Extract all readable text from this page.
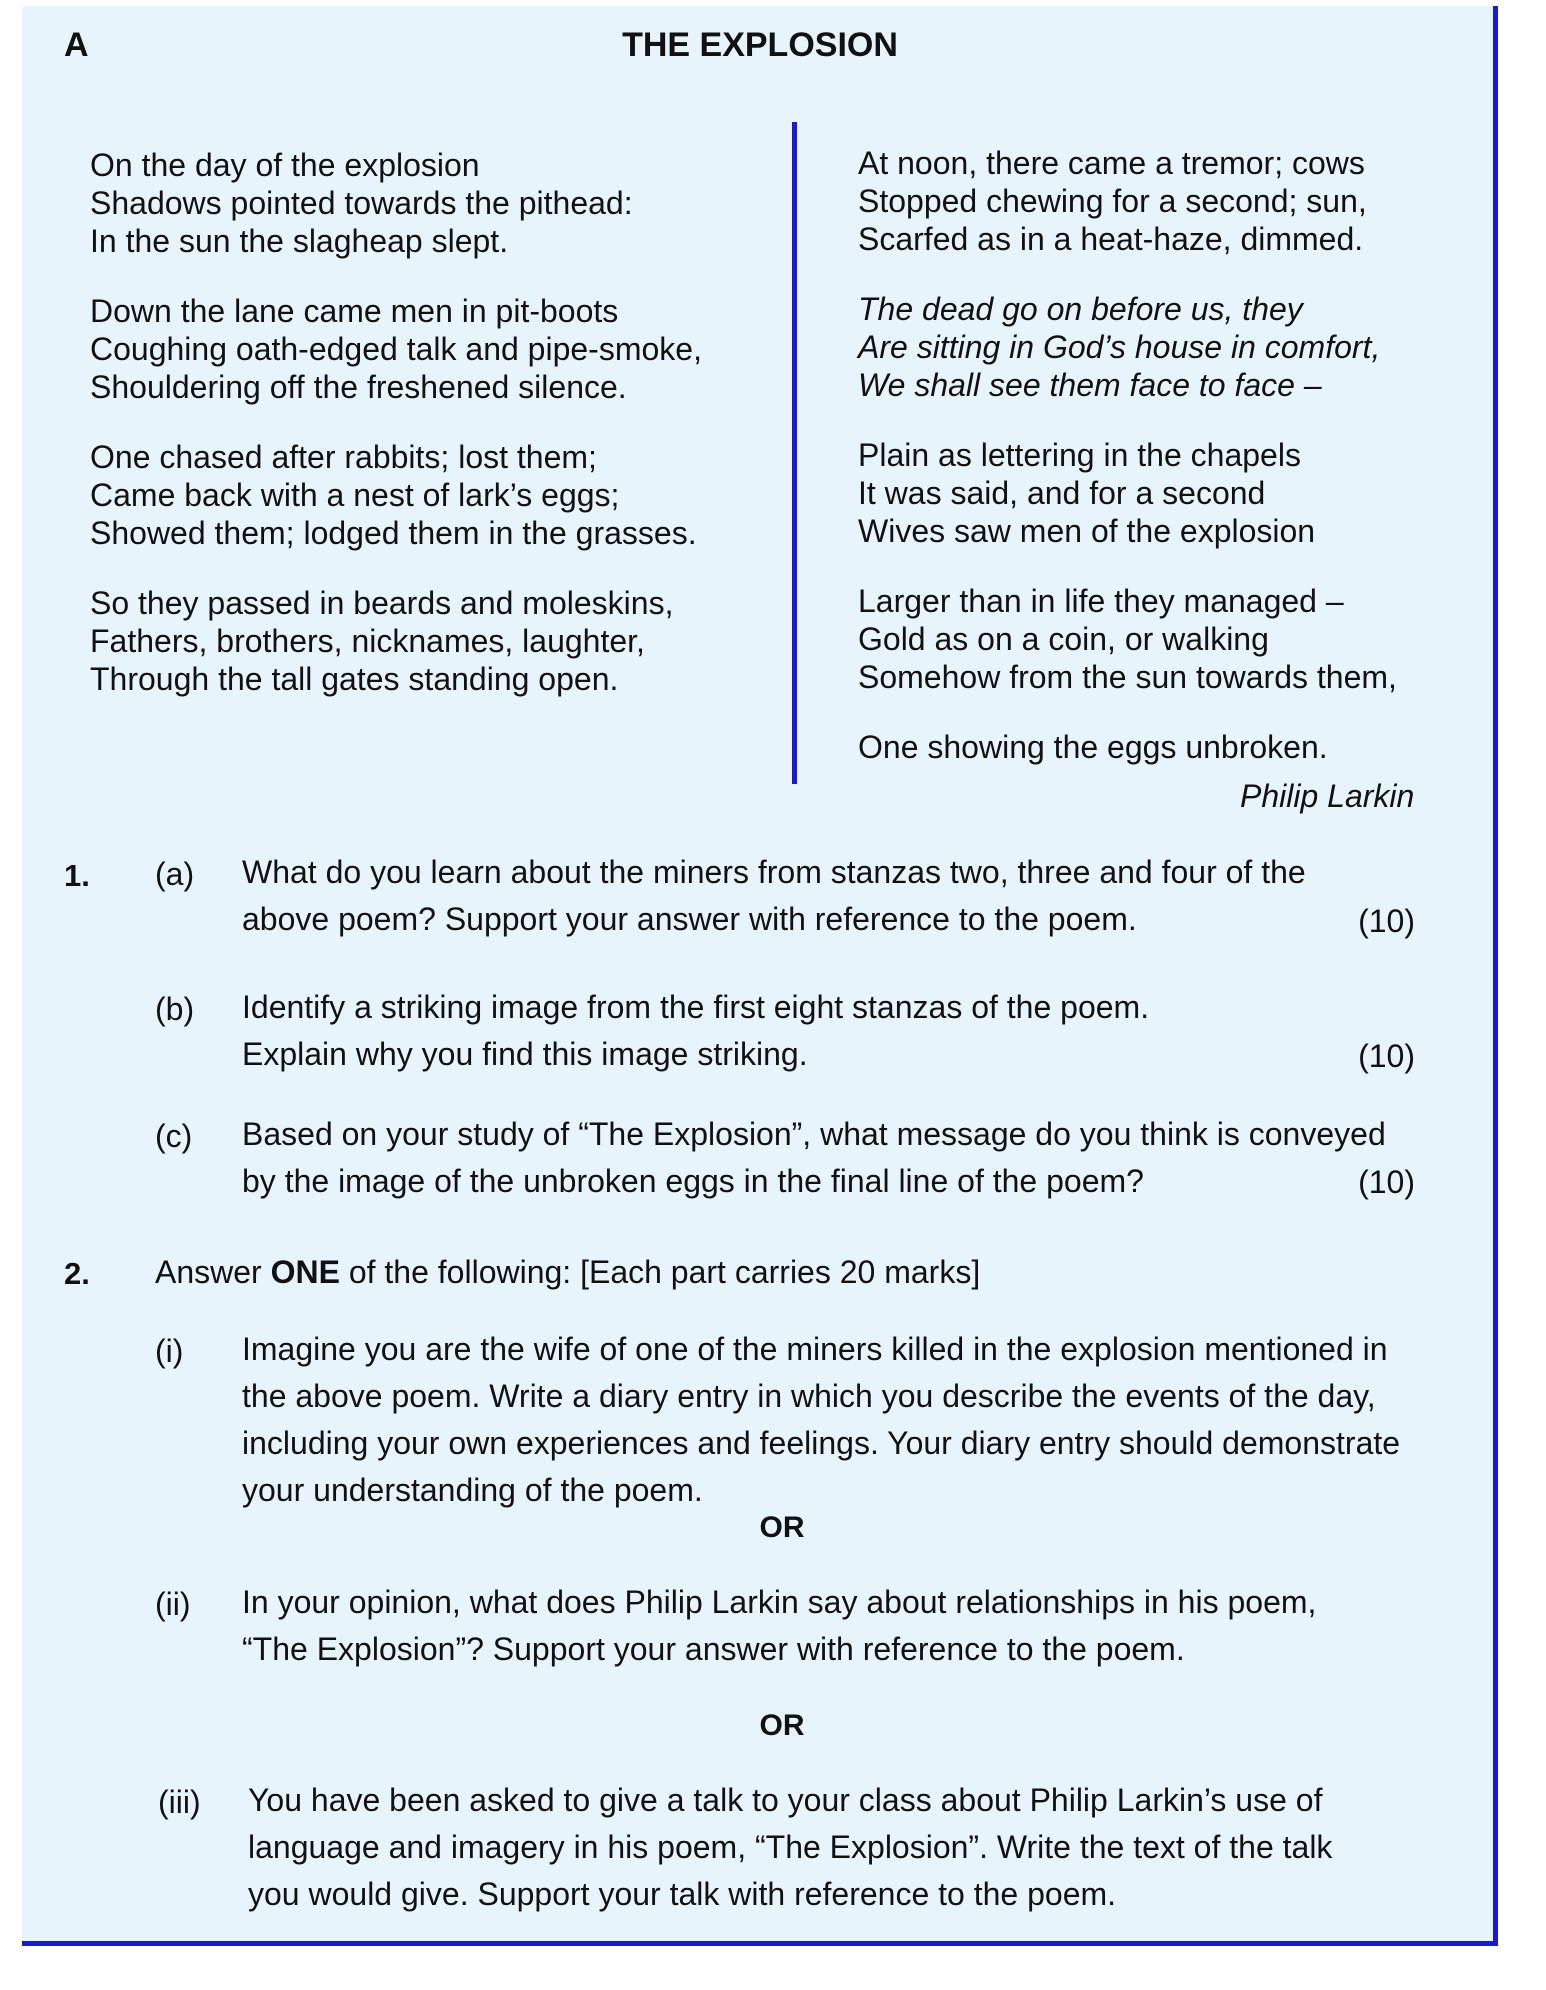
A	THE EXPLOSION
On the day of the explosion
Shadows pointed towards the pithead:
In the sun the slagheap slept.
Down the lane came men in pit-boots
Coughing oath-edged talk and pipe-smoke,
Shouldering off the freshened silence.
One chased after rabbits; lost them;
Came back with a nest of lark’s eggs;
Showed them; lodged them in the grasses.
So they passed in beards and moleskins,
Fathers, brothers, nicknames, laughter,
Through the tall gates standing open.
At noon, there came a tremor; cows
Stopped chewing for a second; sun,
Scarfed as in a heat-haze, dimmed.
The dead go on before us, they
Are sitting in God’s house in comfort,
We shall see them face to face –
Plain as lettering in the chapels
It was said, and for a second
Wives saw men of the explosion
Larger than in life they managed –
Gold as on a coin, or walking
Somehow from the sun towards them,
One showing the eggs unbroken.
Philip Larkin
1. (a) What do you learn about the miners from stanzas two, three and four of the
above poem? Support your answer with reference to the poem.	(10)
(b) Identify a striking image from the first eight stanzas of the poem.
Explain why you find this image striking.	(10)
(c) Based on your study of “The Explosion”, what message do you think is conveyed
by the image of the unbroken eggs in the final line of the poem?	(10)
2. Answer ONE of the following: [Each part carries 20 marks]
(i) Imagine you are the wife of one of the miners killed in the explosion mentioned in
the above poem. Write a diary entry in which you describe the events of the day,
including your own experiences and feelings. Your diary entry should demonstrate
your understanding of the poem.
OR
(ii) In your opinion, what does Philip Larkin say about relationships in his poem,
“The Explosion”? Support your answer with reference to the poem.
OR
(iii) You have been asked to give a talk to your class about Philip Larkin’s use of
language and imagery in his poem, “The Explosion”. Write the text of the talk
you would give. Support your talk with reference to the poem.
